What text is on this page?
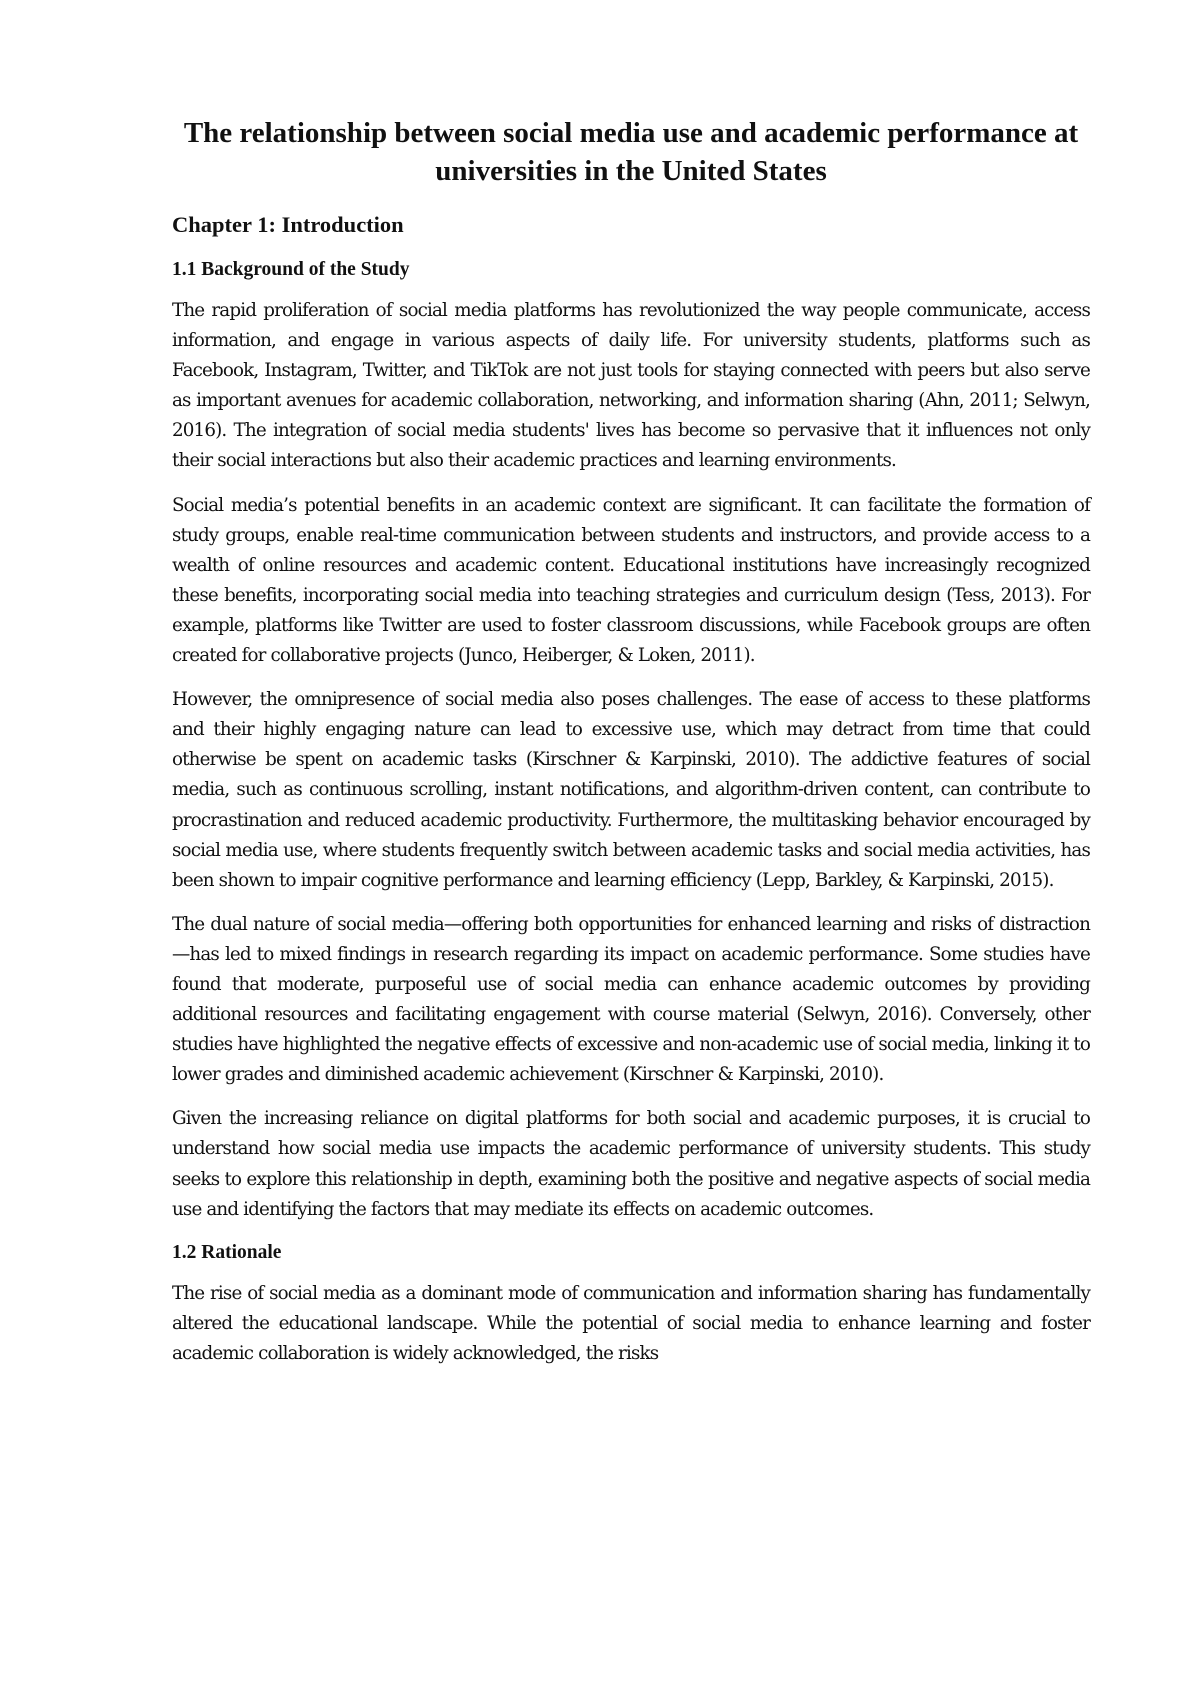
The relationship between social media use and academic performance at universities in the United States
Chapter 1: Introduction
1.1 Background of the Study

The rapid proliferation of social media platforms has revolutionized the way people communicate, access information, and engage in various aspects of daily life. For university students, platforms such as Facebook, Instagram, Twitter, and TikTok are not just tools for staying connected with peers but also serve as important avenues for academic collaboration, networking, and information sharing (Ahn, 2011; Selwyn, 2016). The integration of social media students' lives has become so pervasive that it influences not only their social interactions but also their academic practices and learning environments.

Social media’s potential benefits in an academic context are significant. It can facilitate the formation of study groups, enable real-time communication between students and instructors, and provide access to a wealth of online resources and academic content. Educational institutions have increasingly recognized these benefits, incorporating social media into teaching strategies and curriculum design (Tess, 2013). For example, platforms like Twitter are used to foster classroom discussions, while Facebook groups are often created for collaborative projects (Junco, Heiberger, & Loken, 2011).

However, the omnipresence of social media also poses challenges. The ease of access to these platforms and their highly engaging nature can lead to excessive use, which may detract from time that could otherwise be spent on academic tasks (Kirschner & Karpinski, 2010). The addictive features of social media, such as continuous scrolling, instant notifications, and algorithm-driven content, can contribute to procrastination and reduced academic productivity. Furthermore, the multitasking behavior encouraged by social media use, where students frequently switch between academic tasks and social media activities, has been shown to impair cognitive performance and learning efficiency (Lepp, Barkley, & Karpinski, 2015).

The dual nature of social media—offering both opportunities for enhanced learning and risks of distraction—has led to mixed findings in research regarding its impact on academic performance. Some studies have found that moderate, purposeful use of social media can enhance academic outcomes by providing additional resources and facilitating engagement with course material (Selwyn, 2016). Conversely, other studies have highlighted the negative effects of excessive and non-academic use of social media, linking it to lower grades and diminished academic achievement (Kirschner & Karpinski, 2010).

Given the increasing reliance on digital platforms for both social and academic purposes, it is crucial to understand how social media use impacts the academic performance of university students. This study seeks to explore this relationship in depth, examining both the positive and negative aspects of social media use and identifying the factors that may mediate its effects on academic outcomes.

1.2 Rationale

The rise of social media as a dominant mode of communication and information sharing has fundamentally altered the educational landscape. While the potential of social media to enhance learning and foster academic collaboration is widely acknowledged, the risks
